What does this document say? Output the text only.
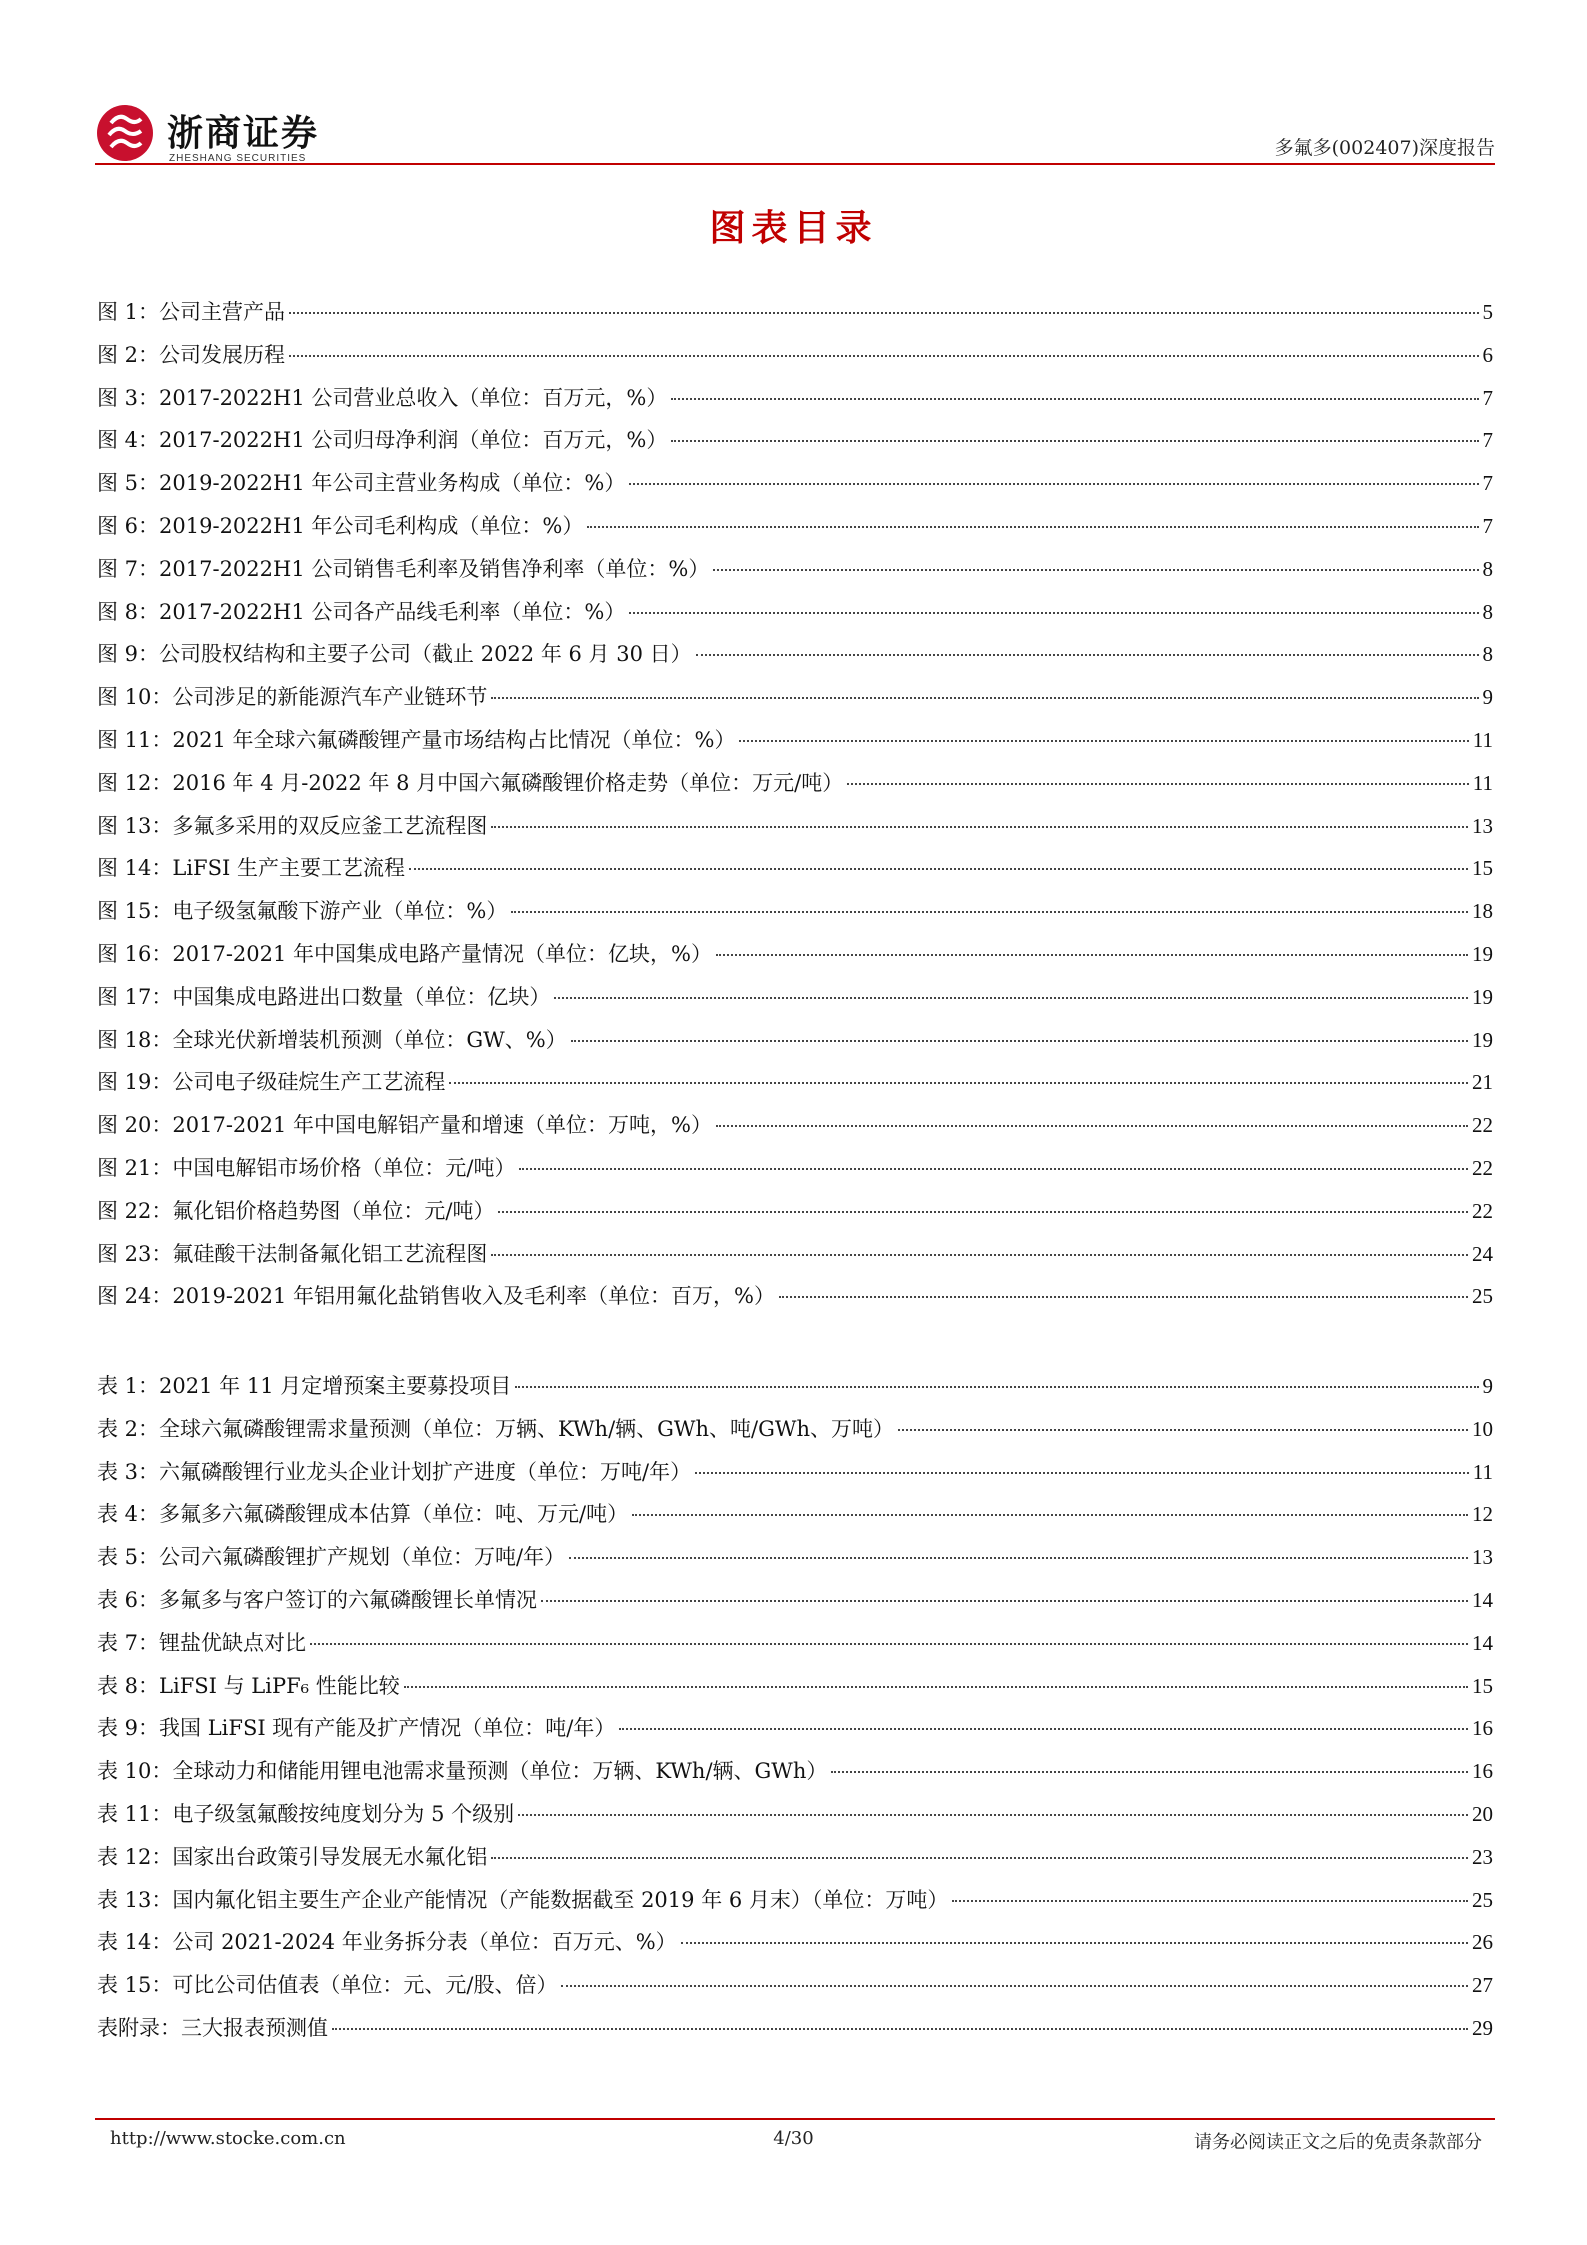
浙商证券
ZHESHANG SECURITIES	多氟多(002407)深度报告
图表目录
图 1：公司主营产品	5
图 2：公司发展历程	6
图 3：2017-2022H1 公司营业总收入（单位：百万元，%）	7
图 4：2017-2022H1 公司归母净利润（单位：百万元，%）	7
图 5：2019-2022H1 年公司主营业务构成（单位：%）	7
图 6：2019-2022H1 年公司毛利构成（单位：%）	7
图 7：2017-2022H1 公司销售毛利率及销售净利率（单位：%）	8
图 8：2017-2022H1 公司各产品线毛利率（单位：%）	8
图 9：公司股权结构和主要子公司（截止 2022 年 6 月 30 日）	8
图 10：公司涉足的新能源汽车产业链环节	9
图 11：2021 年全球六氟磷酸锂产量市场结构占比情况（单位：%）	11
图 12：2016 年 4 月-2022 年 8 月中国六氟磷酸锂价格走势（单位：万元/吨）	11
图 13：多氟多采用的双反应釜工艺流程图	13
图 14：LiFSI 生产主要工艺流程	15
图 15：电子级氢氟酸下游产业（单位：%）	18
图 16：2017-2021 年中国集成电路产量情况（单位：亿块，%）	19
图 17：中国集成电路进出口数量（单位：亿块）	19
图 18：全球光伏新增装机预测（单位：GW、%）	19
图 19：公司电子级硅烷生产工艺流程	21
图 20：2017-2021 年中国电解铝产量和增速（单位：万吨，%）	22
图 21：中国电解铝市场价格（单位：元/吨）	22
图 22：氟化铝价格趋势图（单位：元/吨）	22
图 23：氟硅酸干法制备氟化铝工艺流程图	24
图 24：2019-2021 年铝用氟化盐销售收入及毛利率（单位：百万，%）	25
表 1：2021 年 11 月定增预案主要募投项目	9
表 2：全球六氟磷酸锂需求量预测（单位：万辆、KWh/辆、GWh、吨/GWh、万吨）	10
表 3：六氟磷酸锂行业龙头企业计划扩产进度（单位：万吨/年）	11
表 4：多氟多六氟磷酸锂成本估算（单位：吨、万元/吨）	12
表 5：公司六氟磷酸锂扩产规划（单位：万吨/年）	13
表 6：多氟多与客户签订的六氟磷酸锂长单情况	14
表 7：锂盐优缺点对比	14
表 8：LiFSI 与 LiPF₆ 性能比较	15
表 9：我国 LiFSI 现有产能及扩产情况（单位：吨/年）	16
表 10：全球动力和储能用锂电池需求量预测（单位：万辆、KWh/辆、GWh）	16
表 11：电子级氢氟酸按纯度划分为 5 个级别	20
表 12：国家出台政策引导发展无水氟化铝	23
表 13：国内氟化铝主要生产企业产能情况（产能数据截至 2019 年 6 月末）（单位：万吨）	25
表 14：公司 2021-2024 年业务拆分表（单位：百万元、%）	26
表 15：可比公司估值表（单位：元、元/股、倍）	27
表附录：三大报表预测值	29
http://www.stocke.com.cn	4/30	请务必阅读正文之后的免责条款部分
